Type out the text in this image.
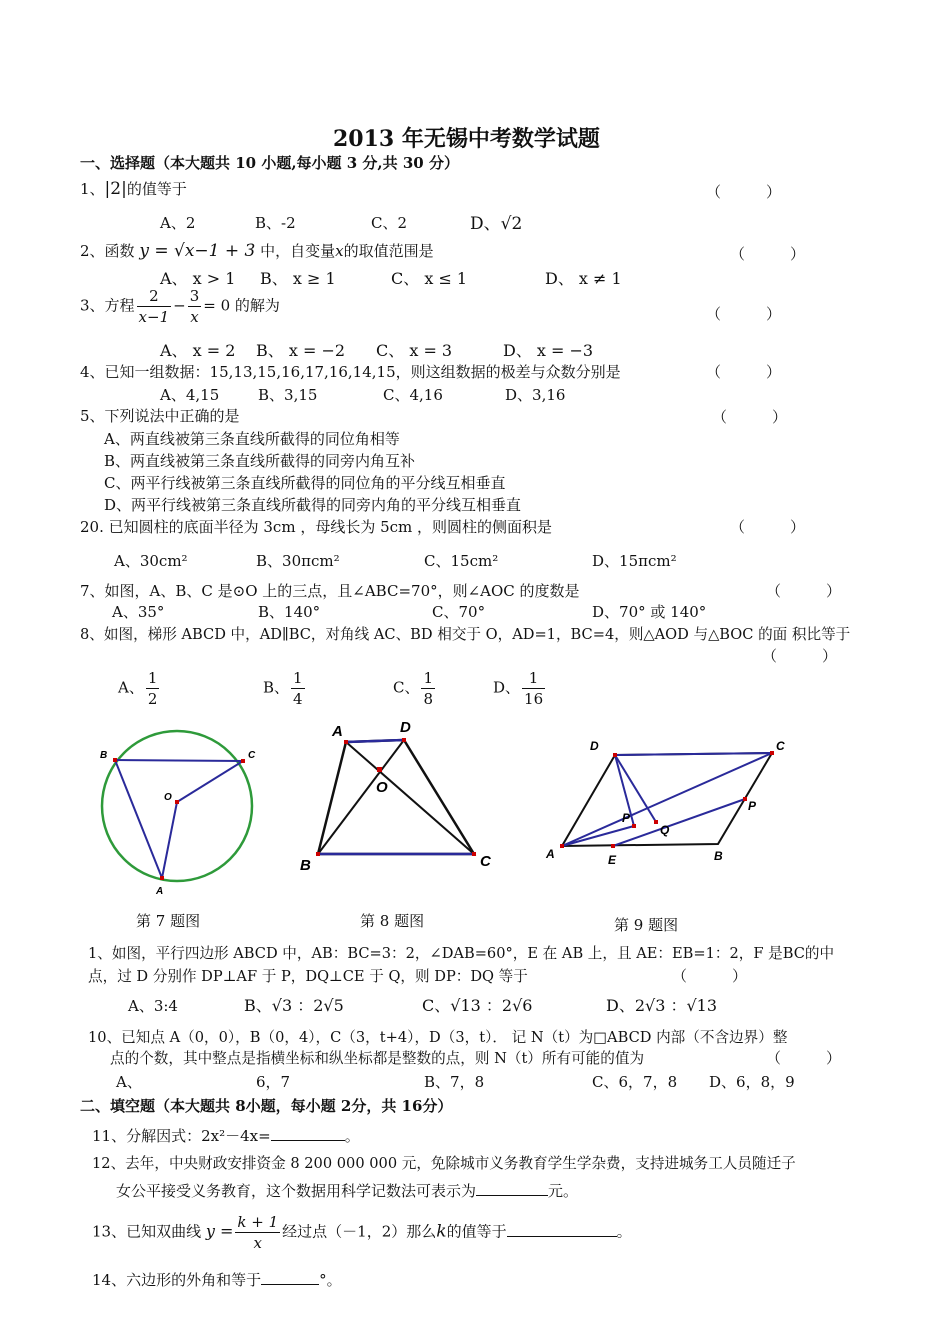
2013 年无锡中考数学试题
一、选择题（本大题共 10 小题,每小题 3 分,共 30 分）
1、|2|的值等于	（　　　）
A、2	B、-2	C、2	D、√2
2、函数 y = √x−1 + 3 中，自变量x的取值范围是	（　　　）
A、 x > 1 B、 x ≥ 1	C、 x ≤ 1	D、 x ≠ 1
3、方程 $\frac{2}{x-1} - \frac{3}{x} = 0$ 的解为	（　　　）
A、 x = 2 B、 x = −2 C、 x = 3	D、 x = −3
4、已知一组数据：15,13,15,16,17,16,14,15，则这组数据的极差与众数分别是	（　　　）
A、4,15	B、3,15	C、4,16	D、3,16
5、下列说法中正确的是	（　　　）
A、两直线被第三条直线所截得的同位角相等
B、两直线被第三条直线所截得的同旁内角互补
C、两平行线被第三条直线所截得的同位角的平分线互相垂直
D、两平行线被第三条直线所截得的同旁内角的平分线互相垂直
20. 已知圆柱的底面半径为 3cm ，母线长为 5cm ，则圆柱的侧面积是	（　　　）
A、30cm²	B、30πcm²	C、15cm²	D、15πcm²
7、如图，A、B、C 是⊙O 上的三点，且∠ABC=70°，则∠AOC 的度数是	（　　　）
A、35°	B、140°	C、70°	D、70° 或 140°
8、如图，梯形 ABCD 中，AD∥BC，对角线 AC、BD 相交于 O，AD=1，BC=4，则△AOD 与△BOC 的面 积比等于
（　　　）
A、 $\frac{1}{2}$	B、 $\frac{1}{4}$	C、 $\frac{1}{8}$	D、 $\frac{1}{16}$
B	C
O
A
第 7 题图
A	D
O
B	C
第 8 题图
D	C
P
Q
P
A	E	B
第 9 题图
1、如图，平行四边形 ABCD 中，AB：BC=3：2，∠DAB=60°，E 在 AB 上，且 AE：EB=1：2，F 是BC的中
点，过 D 分别作 DP⊥AF 于 P，DQ⊥CE 于 Q，则 DP：DQ 等于	（　　　）
A、3:4	B、√3 ：2√5	C、√13 ：2√6	D、2√3 ：√13
10、已知点 A（0，0），B（0，4），C（3，t+4），D（3，t）． 记 N（t）为□ABCD 内部（不含边界）整
点的个数，其中整点是指横坐标和纵坐标都是整数的点，则 N（t）所有可能的值为	（　　　）
A、	6，7	B、7，8	C、6，7，8 D、6，8，9
二、填空题（本大题共 8小题，每小题 2分，共 16分）
11、分解因式：2x²－4x=	。
12、去年，中央财政安排资金 8 200 000 000 元，免除城市义务教育学生学杂费，支持进城务工人员随迁子
女公平接受义务教育，这个数据用科学记数法可表示为	元。
13、已知双曲线 $y = \frac{k + 1}{x}$ 经过点（－1，2）那么k的值等于	。
14、六边形的外角和等于	°。
